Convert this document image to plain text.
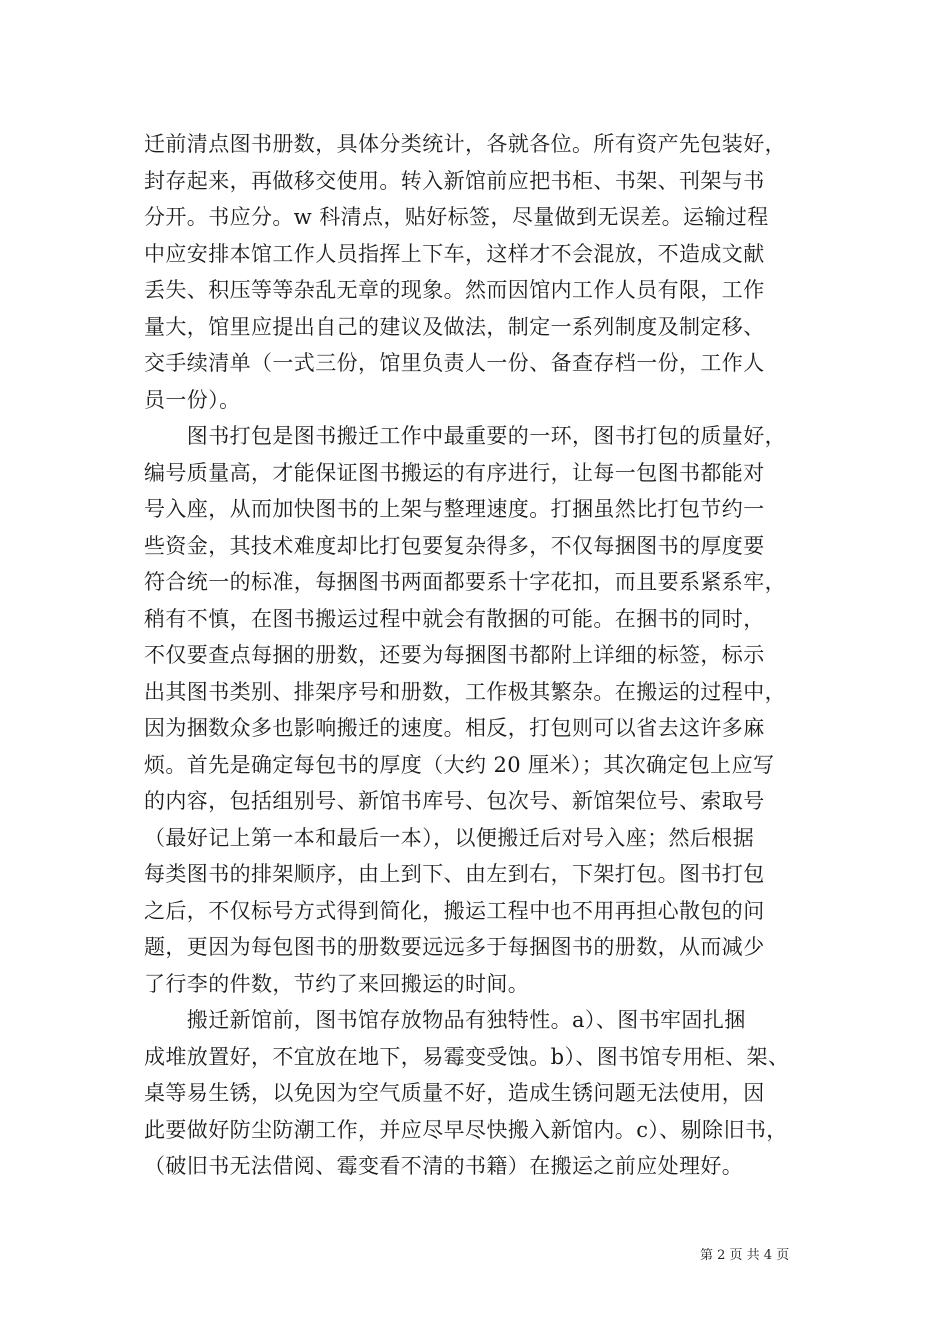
迁前清点图书册数，具体分类统计，各就各位。所有资产先包装好，
封存起来，再做移交使用。转入新馆前应把书柜、书架、刊架与书
分开。书应分。w 科清点，贴好标签，尽量做到无误差。运输过程
中应安排本馆工作人员指挥上下车，这样才不会混放，不造成文献
丢失、积压等等杂乱无章的现象。然而因馆内工作人员有限，工作
量大，馆里应提出自己的建议及做法，制定一系列制度及制定移、
交手续清单（一式三份，馆里负责人一份、备查存档一份，工作人
员一份）。
　　图书打包是图书搬迁工作中最重要的一环，图书打包的质量好，
编号质量高，才能保证图书搬运的有序进行，让每一包图书都能对
号入座，从而加快图书的上架与整理速度。打捆虽然比打包节约一
些资金，其技术难度却比打包要复杂得多，不仅每捆图书的厚度要
符合统一的标准，每捆图书两面都要系十字花扣，而且要系紧系牢，
稍有不慎，在图书搬运过程中就会有散捆的可能。在捆书的同时，
不仅要查点每捆的册数，还要为每捆图书都附上详细的标签，标示
出其图书类别、排架序号和册数，工作极其繁杂。在搬运的过程中，
因为捆数众多也影响搬迁的速度。相反，打包则可以省去这许多麻
烦。首先是确定每包书的厚度（大约 20 厘米）；其次确定包上应写
的内容，包括组别号、新馆书库号、包次号、新馆架位号、索取号
（最好记上第一本和最后一本），以便搬迁后对号入座；然后根据
每类图书的排架顺序，由上到下、由左到右，下架打包。图书打包
之后，不仅标号方式得到简化，搬运工程中也不用再担心散包的问
题，更因为每包图书的册数要远远多于每捆图书的册数，从而减少
了行李的件数，节约了来回搬运的时间。
　　搬迁新馆前，图书馆存放物品有独特性。a）、图书牢固扎捆
成堆放置好，不宜放在地下，易霉变受蚀。b）、图书馆专用柜、架、
桌等易生锈，以免因为空气质量不好，造成生锈问题无法使用，因
此要做好防尘防潮工作，并应尽早尽快搬入新馆内。c）、剔除旧书，
（破旧书无法借阅、霉变看不清的书籍）在搬运之前应处理好。
第 2 页 共 4 页
